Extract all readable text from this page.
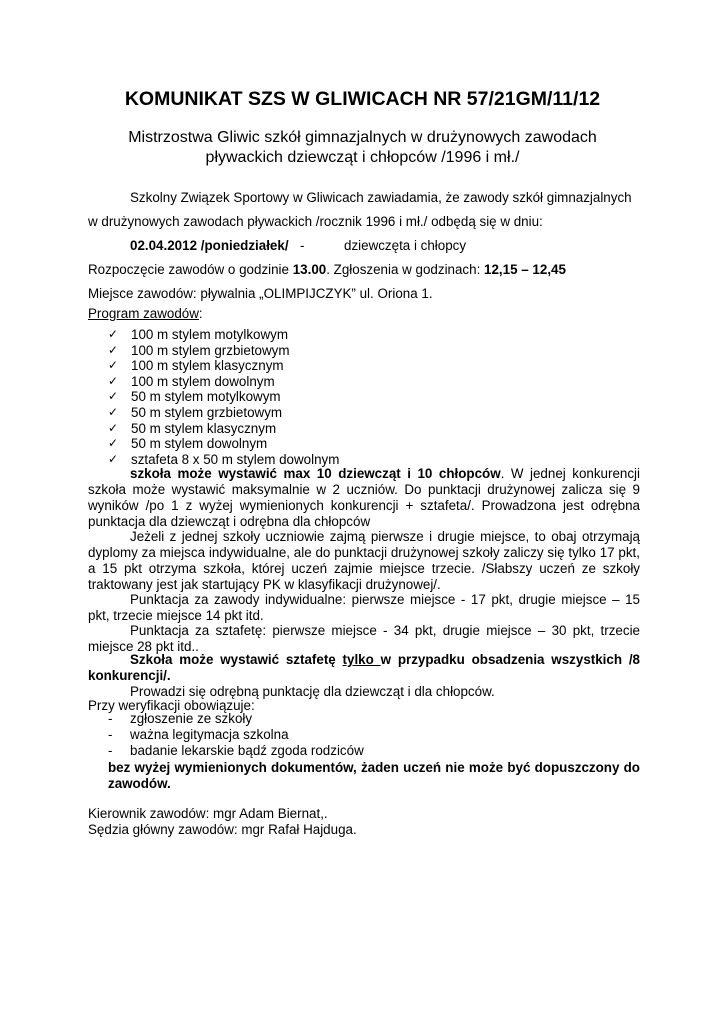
KOMUNIKAT SZS W GLIWICACH NR 57/21GM/11/12
Mistrzostwa Gliwic szkół gimnazjalnych w drużynowych zawodach
pływackich dziewcząt i chłopców /1996 i mł./
Szkolny Związek Sportowy w Gliwicach zawiadamia, że zawody szkół gimnazjalnych
w drużynowych zawodach pływackich /rocznik 1996 i mł./ odbędą się w dniu:
02.04.2012 /poniedziałek/ -	dziewczęta i chłopcy
Rozpoczęcie zawodów o godzinie 13.00. Zgłoszenia w godzinach: 12,15 – 12,45
Miejsce zawodów: pływalnia „OLIMPIJCZYK” ul. Oriona 1.
Program zawodów:
✓ 100 m stylem motylkowym
✓ 100 m stylem grzbietowym
✓ 100 m stylem klasycznym
✓ 100 m stylem dowolnym
✓ 50 m stylem motylkowym
✓ 50 m stylem grzbietowym
✓ 50 m stylem klasycznym
✓ 50 m stylem dowolnym
✓ sztafeta 8 x 50 m stylem dowolnym
szkoła może wystawić max 10 dziewcząt i 10 chłopców. W jednej konkurencji szkoła może wystawić maksymalnie w 2 uczniów. Do punktacji drużynowej zalicza się 9 wyników /po 1 z wyżej wymienionych konkurencji + sztafeta/. Prowadzona jest odrębna punktacja dla dziewcząt i odrębna dla chłopców
Jeżeli z jednej szkoły uczniowie zajmą pierwsze i drugie miejsce, to obaj otrzymają dyplomy za miejsca indywidualne, ale do punktacji drużynowej szkoły zaliczy się tylko 17 pkt, a 15 pkt otrzyma szkoła, której uczeń zajmie miejsce trzecie. /Słabszy uczeń ze szkoły traktowany jest jak startujący PK w klasyfikacji drużynowej/.
Punktacja za zawody indywidualne: pierwsze miejsce - 17 pkt, drugie miejsce – 15 pkt, trzecie miejsce 14 pkt itd.
Punktacja za sztafetę: pierwsze miejsce - 34 pkt, drugie miejsce – 30 pkt, trzecie miejsce 28 pkt itd..
Szkoła może wystawić sztafetę tylko w przypadku obsadzenia wszystkich /8 konkurencji/.
Prowadzi się odrębną punktację dla dziewcząt i dla chłopców.
Przy weryfikacji obowiązuje:
- zgłoszenie ze szkoły
- ważna legitymacja szkolna
- badanie lekarskie bądź zgoda rodziców
bez wyżej wymienionych dokumentów, żaden uczeń nie może być dopuszczony do zawodów.
Kierownik zawodów: mgr Adam Biernat,.
Sędzia główny zawodów: mgr Rafał Hajduga.
